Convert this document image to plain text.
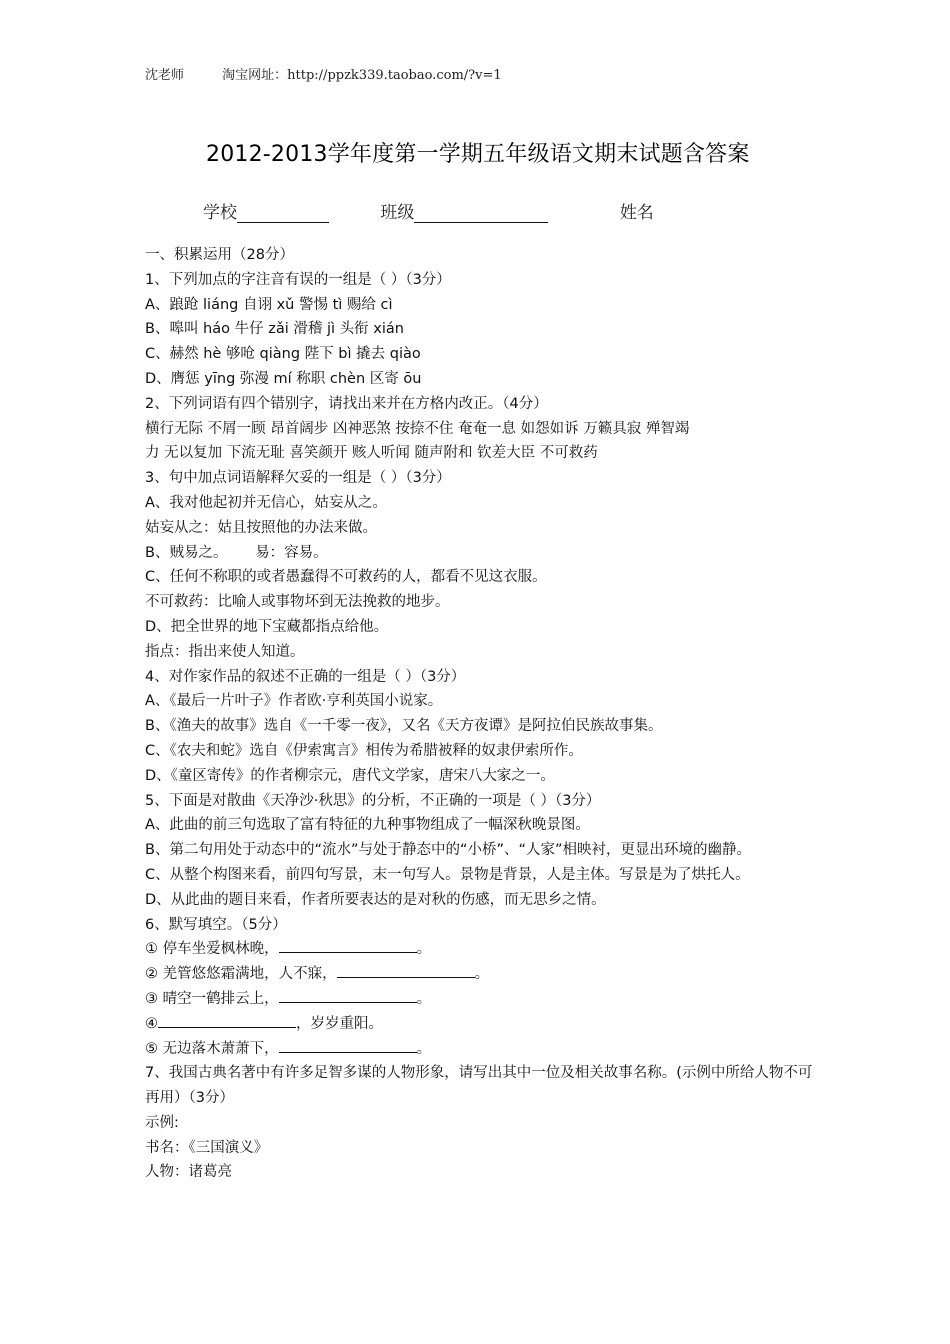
沈老师	淘宝网址：http://ppzk339.taobao.com/?v=1
2012-2013学年度第一学期五年级语文期末试题含答案
学校	班级	姓名
一、积累运用（28分）
1、下列加点的字注音有误的一组是（ ）（3分）
A、踉跄 liáng 自诩 xǔ 警惕 tì 赐给 cì
B、嗥叫 háo 牛仔 zǎi 滑稽 jì 头衔 xián
C、赫然 hè 够呛 qiàng 陛下 bì 撬去 qiào
D、膺惩 yīng 弥漫 mí 称职 chèn 区寄 ōu
2、下列词语有四个错别字，请找出来并在方格内改正。（4分）
横行无际 不屑一顾 昂首阔步 凶神恶煞 按捺不住 奄奄一息 如怨如诉 万籁具寂 殚智竭
力 无以复加 下流无耻 喜笑颜开 赅人听闻 随声附和 钦差大臣 不可救药
3、句中加点词语解释欠妥的一组是（ ）（3分）
A、我对他起初并无信心，姑妄从之。
姑妄从之：姑且按照他的办法来做。
B、贼易之。      易：容易。
C、任何不称职的或者愚蠢得不可救药的人，都看不见这衣服。
不可救药：比喻人或事物坏到无法挽救的地步。
D、把全世界的地下宝藏都指点给他。
指点：指出来使人知道。
4、对作家作品的叙述不正确的一组是（ ）（3分）
A、《最后一片叶子》作者欧·亨利英国小说家。
B、《渔夫的故事》选自《一千零一夜》，又名《天方夜谭》是阿拉伯民族故事集。
C、《农夫和蛇》选自《伊索寓言》相传为希腊被释的奴隶伊索所作。
D、《童区寄传》的作者柳宗元，唐代文学家，唐宋八大家之一。
5、下面是对散曲《天净沙·秋思》的分析，不正确的一项是（ ）（3分）
A、此曲的前三句选取了富有特征的九种事物组成了一幅深秋晚景图。
B、第二句用处于动态中的“流水”与处于静态中的“小桥”、“人家”相映衬，更显出环境的幽静。
C、从整个构图来看，前四句写景，末一句写人。景物是背景，人是主体。写景是为了烘托人。
D、从此曲的题目来看，作者所要表达的是对秋的伤感，而无思乡之情。
6、默写填空。（5分）
① 停车坐爱枫林晚，	。
② 羌管悠悠霜满地，人不寐，	。
③ 晴空一鹤排云上，	。
④	，岁岁重阳。
⑤ 无边落木萧萧下，	。
7、我国古典名著中有许多足智多谋的人物形象，请写出其中一位及相关故事名称。(示例中所给人物不可再用）（3分）
示例:
书名：《三国演义》
人物：诸葛亮
